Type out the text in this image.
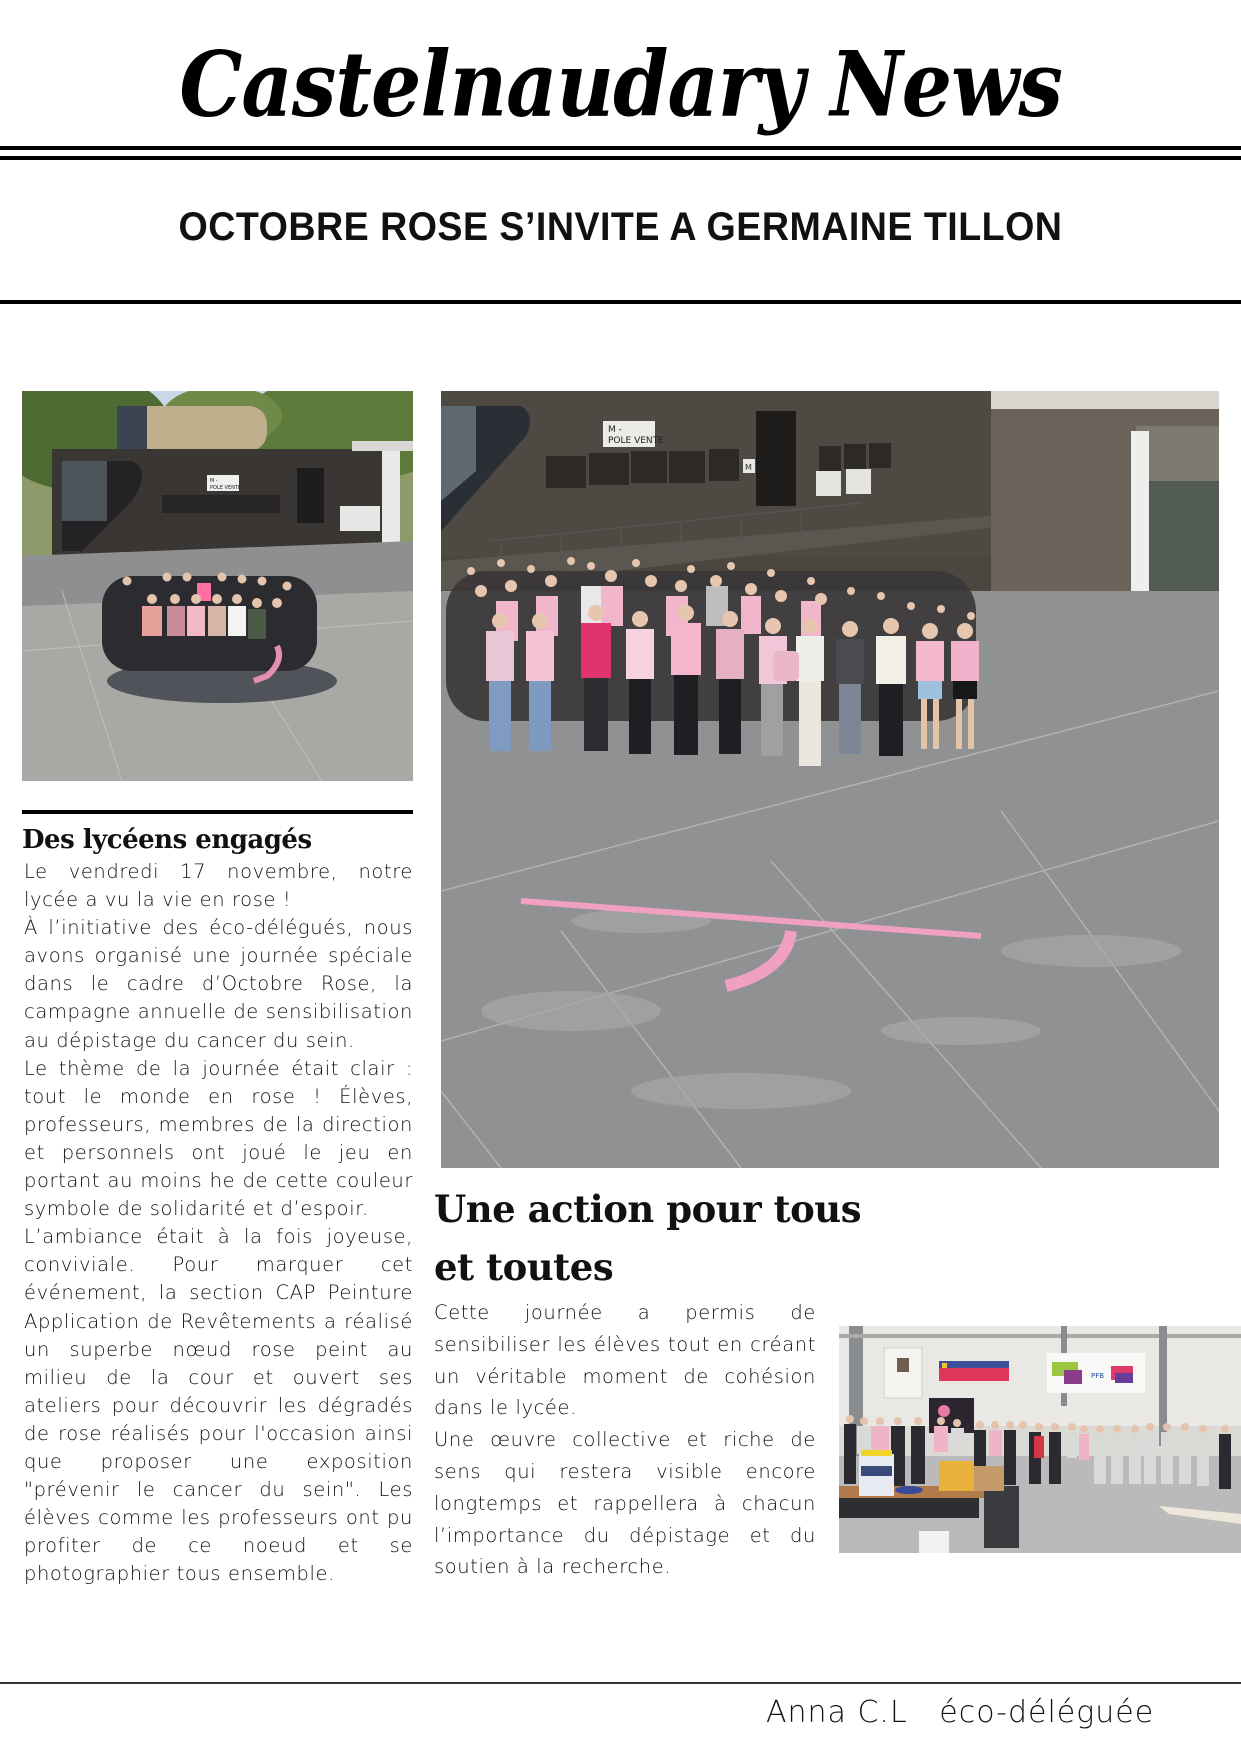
Castelnaudary News
OCTOBRE ROSE S’INVITE A GERMAINE TILLON
M -
POLE VENTE
M -
POLE VENTE
M
PFB
Des lycéens engagés

Le vendredi 17 novembre, notre lycée a vu la vie en rose !

À l’initiative des éco-délégués, nous avons organisé une journée spéciale dans le cadre d’Octobre Rose, la campagne annuelle de sensibilisation au dépistage du cancer du sein.

Le thème de la journée était clair : tout le monde en rose ! Élèves, professeurs, membres de la direction et personnels ont joué le jeu en portant au moins he de cette couleur symbole de solidarité et d’espoir.

L’ambiance était à la fois joyeuse, conviviale. Pour marquer cet événement, la section CAP Peinture Application de Revêtements a réalisé un superbe nœud rose peint au milieu de la cour et ouvert ses ateliers pour découvrir les dégradés de rose réalisés pour l'occasion ainsi que proposer une exposition "prévenir le cancer du sein". Les élèves comme les professeurs ont pu profiter de ce noeud et se photographier tous ensemble.

Une action pour tous et toutes

Cette journée a permis de sensibiliser les élèves tout en créant un véritable moment de cohésion dans le lycée.

Une œuvre collective et riche de sens qui restera visible encore longtemps et rappellera à chacun l’importance du dépistage et du soutien à la recherche.

Anna C.L   éco-déléguée
